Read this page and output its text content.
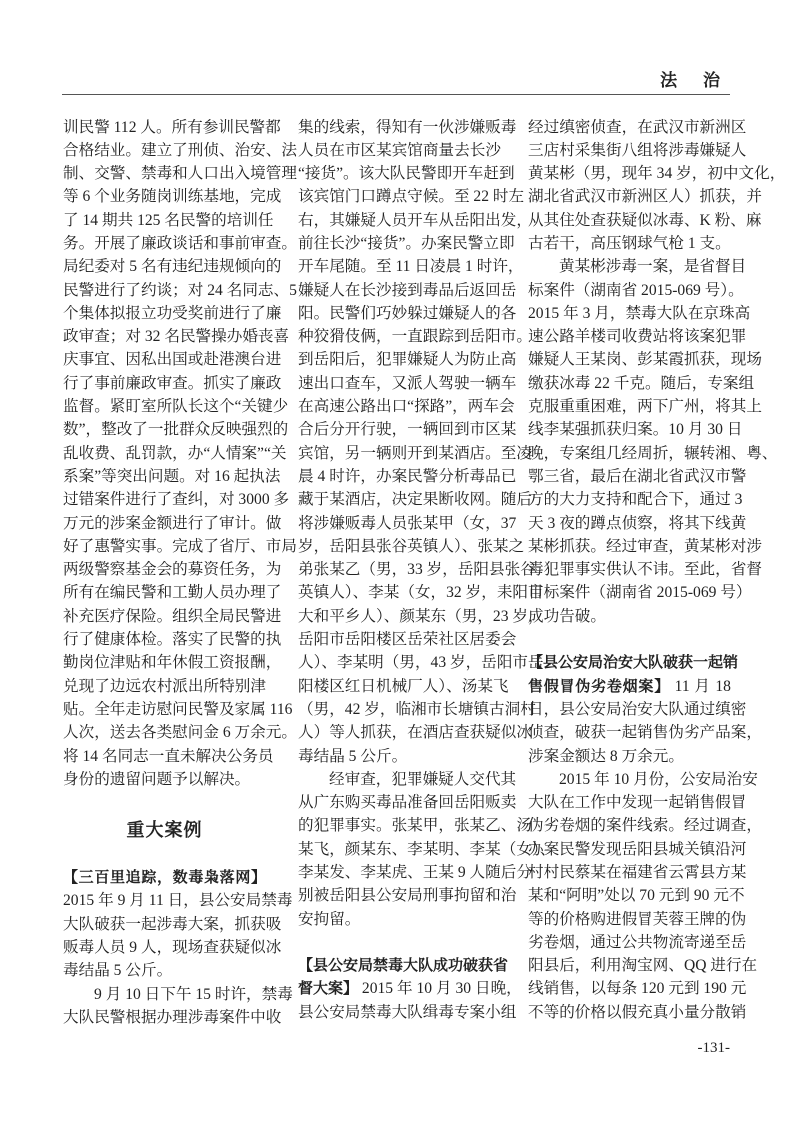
法 治
训民警 112 人。所有参训民警都
合格结业。建立了刑侦、治安、法
制、交警、禁毒和人口出入境管理
等 6 个业务随岗训练基地，完成
了 14 期共 125 名民警的培训任
务。开展了廉政谈话和事前审查。
局纪委对 5 名有违纪违规倾向的
民警进行了约谈；对 24 名同志、5
个集体拟报立功受奖前进行了廉
政审查；对 32 名民警操办婚丧喜
庆事宜、因私出国或赴港澳台进
行了事前廉政审查。抓实了廉政
监督。紧盯室所队长这个“关键少
数”，整改了一批群众反映强烈的
乱收费、乱罚款，办“人情案”“关
系案”等突出问题。对 16 起执法
过错案件进行了查纠，对 3000 多
万元的涉案金额进行了审计。做
好了惠警实事。完成了省厅、市局
两级警察基金会的募资任务，为
所有在编民警和工勤人员办理了
补充医疗保险。组织全局民警进
行了健康体检。落实了民警的执
勤岗位津贴和年休假工资报酬，
兑现了边远农村派出所特别津
贴。全年走访慰问民警及家属 116
人次，送去各类慰问金 6 万余元。
将 14 名同志一直未解决公务员
身份的遗留问题予以解决。
重大案例
【三百里追踪，数毒枭落网】
2015 年 9 月 11 日，县公安局禁毒
大队破获一起涉毒大案，抓获吸
贩毒人员 9 人，现场查获疑似冰
毒结晶 5 公斤。
9 月 10 日下午 15 时许，禁毒
大队民警根据办理涉毒案件中收
集的线索，得知有一伙涉嫌贩毒
人员在市区某宾馆商量去长沙
“接货”。该大队民警即开车赶到
该宾馆门口蹲点守候。至 22 时左
右，其嫌疑人员开车从岳阳出发，
前往长沙“接货”。办案民警立即
开车尾随。至 11 日凌晨 1 时许，
嫌疑人在长沙接到毒品后返回岳
阳。民警们巧妙躲过嫌疑人的各
种狡猾伎俩，一直跟踪到岳阳市。
到岳阳后，犯罪嫌疑人为防止高
速出口查车，又派人驾驶一辆车
在高速公路出口“探路”，两车会
合后分开行驶，一辆回到市区某
宾馆，另一辆则开到某酒店。至凌
晨 4 时许，办案民警分析毒品已
藏于某酒店，决定果断收网。随后
将涉嫌贩毒人员张某甲（女，37
岁，岳阳县张谷英镇人）、张某之
弟张某乙（男，33 岁，岳阳县张谷
英镇人）、李某（女，32 岁，耒阳市
大和平乡人）、颜某东（男，23 岁，
岳阳市岳阳楼区岳荣社区居委会
人）、李某明（男，43 岁，岳阳市岳
阳楼区红日机械厂人）、汤某飞
（男，42 岁，临湘市长塘镇古洞村
人）等人抓获，在酒店查获疑似冰
毒结晶 5 公斤。
经审查，犯罪嫌疑人交代其
从广东购买毒品准备回岳阳贩卖
的犯罪事实。张某甲，张某乙、汤
某飞，颜某东、李某明、李某（女）、
李某发、李某虎、王某 9 人随后分
别被岳阳县公安局刑事拘留和治
安拘留。
【县公安局禁毒大队成功破获省
督大案】 2015 年 10 月 30 日晚，
县公安局禁毒大队缉毒专案小组
经过缜密侦查，在武汉市新洲区
三店村采集街八组将涉毒嫌疑人
黄某彬（男，现年 34 岁，初中文化，
湖北省武汉市新洲区人）抓获，并
从其住处查获疑似冰毒、K 粉、麻
古若干，高压钢球气枪 1 支。
黄某彬涉毒一案，是省督目
标案件（湖南省 2015-069 号）。
2015 年 3 月，禁毒大队在京珠高
速公路羊楼司收费站将该案犯罪
嫌疑人王某岗、彭某霞抓获，现场
缴获冰毒 22 千克。随后，专案组
克服重重困难，两下广州，将其上
线李某强抓获归案。10 月 30 日
晚，专案组几经周折，辗转湘、粤、
鄂三省，最后在湖北省武汉市警
方的大力支持和配合下，通过 3
天 3 夜的蹲点侦察，将其下线黄
某彬抓获。经过审查，黄某彬对涉
毒犯罪事实供认不讳。至此，省督
目标案件（湖南省 2015-069 号）
成功告破。
【县公安局治安大队破获一起销
售假冒伪劣卷烟案】 11 月 18
日，县公安局治安大队通过缜密
侦查，破获一起销售伪劣产品案，
涉案金额达 8 万余元。
2015 年 10 月份，公安局治安
大队在工作中发现一起销售假冒
伪劣卷烟的案件线索。经过调查，
办案民警发现岳阳县城关镇沿河
村村民蔡某在福建省云霄县方某
某和“阿明”处以 70 元到 90 元不
等的价格购进假冒芙蓉王牌的伪
劣卷烟，通过公共物流寄递至岳
阳县后，利用淘宝网、QQ 进行在
线销售，以每条 120 元到 190 元
不等的价格以假充真小量分散销
-131-
